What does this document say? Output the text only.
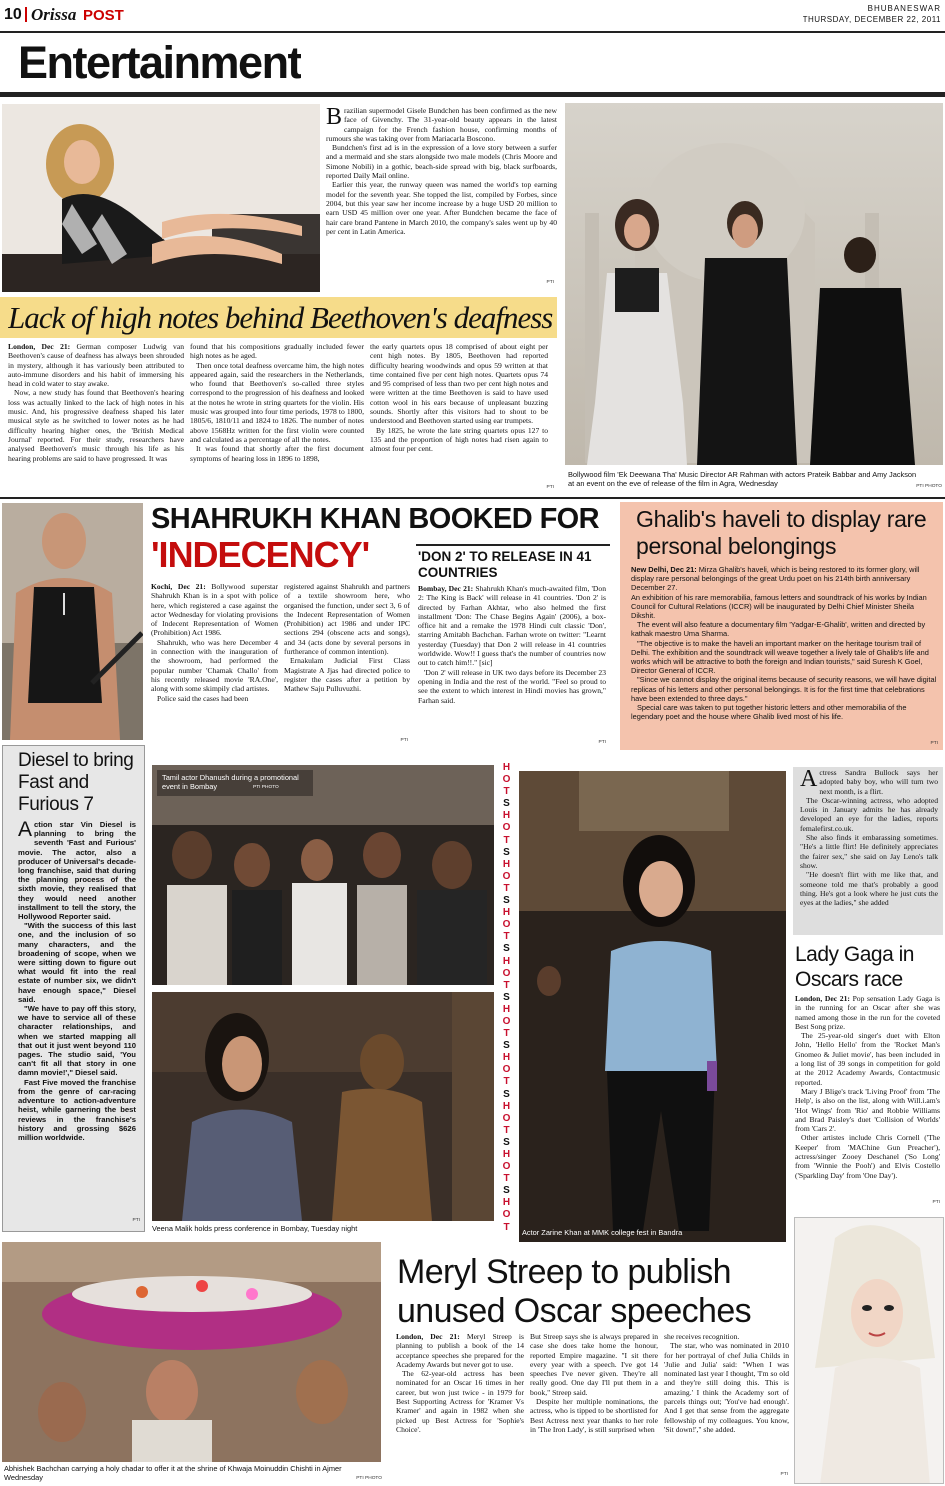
10 Orissa POST	BHUBANESWAR
THURSDAY, DECEMBER 22, 2011
Entertainment
B razilian supermodel Gisele Bundchen has been confirmed as the new face of Givenchy. The 31-year-old beauty appears in the latest campaign for the French fashion house, confirming months of rumours she was taking over from Mariacarla Boscono.

Bundchen's first ad is in the expression of a love story between a surfer and a mermaid and she stars alongside two male models (Chris Moore and Simone Nobili) in a gothic, beach-side spread with big, black surfboards, reported Daily Mail online.

Earlier this year, the runway queen was named the world's top earning model for the seventh year. She topped the list, compiled by Forbes, since 2004, but this year saw her income increase by a huge USD 20 million to earn USD 45 million over one year. After Bundchen became the face of hair care brand Pantene in March 2010, the company's sales went up by 40 per cent in Latin America.

PTI
Bollywood film 'Ek Deewana Tha' Music Director AR Rahman with actors Prateik Babbar and Amy Jackson at an event on the eve of release of the film in Agra, Wednesday	PTI PHOTO
Lack of high notes behind Beethoven's deafness

London, Dec 21: German composer Ludwig van Beethoven's cause of deafness has always been shrouded in mystery, although it has variously been attributed to auto-immune disorders and his habit of immersing his head in cold water to stay awake.

Now, a new study has found that Beethoven's hearing loss was actually linked to the lack of high notes in his music. And, his progressive deafness shaped his later musical style as he switched to lower notes as he had difficulty hearing higher ones, the 'British Medical Journal' reported. For their study, researchers have analysed Beethoven's music through his life as his hearing problems are said to have progressed. It was

found that his compositions gradually included fewer high notes as he aged.

Then once total deafness overcame him, the high notes appeared again, said the researchers in the Netherlands, who found that Beethoven's so-called three styles correspond to the progression of his deafness and looked at the notes he wrote in string quartets for the violin. His music was grouped into four time periods, 1978 to 1800, 1805/6, 1810/11 and 1824 to 1826. The number of notes above 1568Hz written for the first violin were counted and calculated as a percentage of all the notes.

It was found that shortly after the first document symptoms of hearing loss in 1896 to 1898,

the early quartets opus 18 comprised of about eight per cent high notes. By 1805, Beethoven had reported difficulty hearing woodwinds and opus 59 written at that time contained five per cent high notes. Quartets opus 74 and 95 comprised of less than two per cent high notes and were written at the time Beethoven is said to have used cotton wool in his ears because of unpleasant buzzing sounds. Shortly after this visitors had to shout to be understood and Beethoven started using ear trumpets.

By 1825, he wrote the late string quartets opus 127 to 135 and the proportion of high notes had risen again to almost four per cent.

PTI
SHAHRUKH KHAN BOOKED FOR
'INDECENCY'

Kochi, Dec 21: Bollywood superstar Shahrukh Khan is in a spot with police here, which registered a case against the actor Wednesday for violating provisions of Indecent Representation of Women (Prohibition) Act 1986.

Shahrukh, who was here December 4 in connection with the inauguration of the showroom, had performed the popular number 'Chamak Challo' from his recently released movie 'RA.One', along with some skimpily clad artistes.

Police said the cases had been

registered against Shahrukh and partners of a textile showroom here, who organised the function, under sect 3, 6 of the Indecent Representation of Women (Prohibition) act 1986 and under IPC sections 294 (obscene acts and songs), and 34 (acts done by several persons in furtherance of common intention).

Ernakulam Judicial First Class Magistrate A Jjas had directed police to register the cases after a petition by Mathew Saju Pulluvuzhi.

PTI
'DON 2' TO RELEASE IN 41 COUNTRIES

Bombay, Dec 21: Shahrukh Khan's much-awaited film, 'Don 2: The King is Back' will release in 41 countries. 'Don 2' is directed by Farhan Akhtar, who also helmed the first installment 'Don: The Chase Begins Again' (2006), a box-office hit and a remake the 1978 Hindi cult classic 'Don', starring Amitabh Bachchan. Farhan wrote on twitter: "Learnt yesterday (Tuesday) that Don 2 will release in 41 countries worldwide. Wow!! I guess that's the number of countries now out to catch him!!." [sic]

'Don 2' will release in UK two days before its December 23 opening in India and the rest of the world. "Feel so proud to see the extent to which interest in Hindi movies has grown," Farhan said.

PTI
Ghalib's haveli to display rare personal belongings

New Delhi, Dec 21: Mirza Ghalib's haveli, which is being restored to its former glory, will display rare personal belongings of the great Urdu poet on his 214th birth anniversary December 27.

An exhibition of his rare memorabilia, famous letters and soundtrack of his works by Indian Council for Cultural Relations (ICCR) will be inaugurated by Delhi Chief Minister Sheila Dikshit.

The event will also feature a documentary film 'Yadgar-E-Ghalib', written and directed by kathak maestro Uma Sharma.

"The objective is to make the haveli an important marker on the heritage tourism trail of Delhi. The exhibition and the soundtrack will weave together a lively tale of Ghalib's life and works which will be attractive to both the foreign and Indian tourists," said Suresh K Goel, Director General of ICCR.

"Since we cannot display the original items because of security reasons, we will have digital replicas of his letters and other personal belongings. It is for the first time that celebrations have been extended to three days."

Special care was taken to put together historic letters and other memorabilia of the legendary poet and the house where Ghalib lived most of his life.

PTI
Diesel to bring Fast and Furious 7
A ction star Vin Diesel is planning to bring the seventh 'Fast and Furious' movie. The actor, also a producer of Universal's decade-long franchise, said that during the planning process of the sixth movie, they realised that they would need another installment to tell the story, the Hollywood Reporter said.

"With the success of this last one, and the inclusion of so many characters, and the broadening of scope, when we were sitting down to figure out what would fit into the real estate of number six, we didn't have enough space," Diesel said.

"We have to pay off this story, we have to service all of these character relationships, and when we started mapping all that out it just went beyond 110 pages. The studio said, 'You can't fit all that story in one damn movie!'," Diesel said.

Fast Five moved the franchise from the genre of car-racing adventure to action-adventure heist, while garnering the best reviews in the franchise's history and grossing $626 million worldwide.

PTI
Tamil actor Dhanush during a promotional event in Bombay	PTI PHOTO
Veena Malik holds press conference in Bombay, Tuesday night
H
O
T
S
H
O
T
S
H
O
T
S
H
O
T
S
H
O
T
S
H
O
T
S
H
O
T
S
H
O
T
S
H
O
T
S
H
O
T	Actor Zarine Khan at MMK college fest in Bandra
A ctress Sandra Bullock says her adopted baby boy, who will turn two next month, is a flirt.

The Oscar-winning actress, who adopted Louis in January admits he has already developed an eye for the ladies, reports femalefirst.co.uk.

She also finds it embarassing sometimes. "He's a little flirt! He definitely appreciates the fairer sex," she said on Jay Leno's talk show.

"He doesn't flirt with me like that, and someone told me that's probably a good thing. He's got a look where he just cuts the eyes at the ladies," she added

Lady Gaga in Oscars race

London, Dec 21: Pop sensation Lady Gaga is in the running for an Oscar after she was named among those in the run for the coveted Best Song prize.

The 25-year-old singer's duet with Elton John, 'Hello Hello' from the 'Rocket Man's Gnomeo & Juliet movie', has been included in a long list of 39 songs in competition for gold at the 2012 Academy Awards, Contactmusic reported.

Mary J Blige's track 'Living Proof' from 'The Help', is also on the list, along with Will.i.am's 'Hot Wings' from 'Rio' and Robbie Williams and Brad Paisley's duet 'Collision of Worlds' from 'Cars 2'.

Other artistes include Chris Cornell ('The Keeper' from 'MAChine Gun Preacher'), actress/singer Zooey Deschanel ('So Long' from 'Winnie the Pooh') and Elvis Costello ('Sparkling Day' from 'One Day').

PTI
Abhishek Bachchan carrying a holy chadar to offer it at the shrine of Khwaja Moinuddin Chishti in Ajmer Wednesday	PTI PHOTO
Meryl Streep to publish unused Oscar speeches

London, Dec 21: Meryl Streep is planning to publish a book of the 14 acceptance speeches she prepared for the Academy Awards but never got to use.

The 62-year-old actress has been nominated for an Oscar 16 times in her career, but won just twice - in 1979 for Best Supporting Actress for 'Kramer Vs Kramer' and again in 1982 when she picked up Best Actress for 'Sophie's Choice'.

But Streep says she is always prepared in case she does take home the honour, reported Empire magazine. "I sit there every year with a speech. I've got 14 speeches I've never given. They're all really good. One day I'll put them in a book," Streep said.

Despite her multiple nominations, the actress, who is tipped to be shortlisted for Best Actress next year thanks to her role in 'The Iron Lady', is still surprised when

she receives recognition.

The star, who was nominated in 2010 for her portrayal of chef Julia Childs in 'Julie and Julia' said: "When I was nominated last year I thought, 'I'm so old and they're still doing this. This is amazing.' I think the Academy sort of parcels things out; 'You've had enough'. And I get that sense from the aggregate fellowship of my colleagues. You know, 'Sit down!'," she added.

PTI
